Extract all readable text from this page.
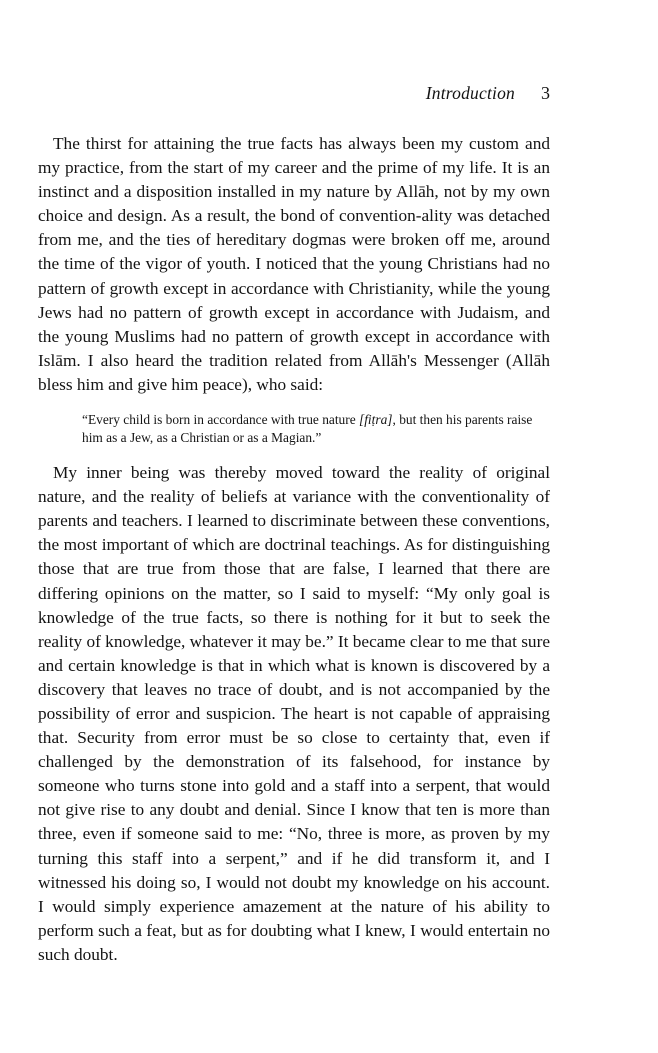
Introduction 3

The thirst for attaining the true facts has always been my custom and my practice, from the start of my career and the prime of my life. It is an instinct and a disposition installed in my nature by Allāh, not by my own choice and design. As a result, the bond of convention-ality was detached from me, and the ties of hereditary dogmas were broken off me, around the time of the vigor of youth. I noticed that the young Christians had no pattern of growth except in accordance with Christianity, while the young Jews had no pattern of growth except in accordance with Judaism, and the young Muslims had no pattern of growth except in accordance with Islām. I also heard the tradition related from Allāh's Messenger (Allāh bless him and give him peace), who said:

“Every child is born in accordance with true nature [fiṭra], but then his parents raise him as a Jew, as a Christian or as a Magian.”

My inner being was thereby moved toward the reality of original nature, and the reality of beliefs at variance with the conventionality of parents and teachers. I learned to discriminate between these conventions, the most important of which are doctrinal teachings. As for distinguishing those that are true from those that are false, I learned that there are differing opinions on the matter, so I said to myself: “My only goal is knowledge of the true facts, so there is nothing for it but to seek the reality of knowledge, whatever it may be.” It became clear to me that sure and certain knowledge is that in which what is known is discovered by a discovery that leaves no trace of doubt, and is not accompanied by the possibility of error and suspicion. The heart is not capable of appraising that. Security from error must be so close to certainty that, even if challenged by the demonstration of its falsehood, for instance by someone who turns stone into gold and a staff into a serpent, that would not give rise to any doubt and denial. Since I know that ten is more than three, even if someone said to me: “No, three is more, as proven by my turning this staff into a serpent,” and if he did transform it, and I witnessed his doing so, I would not doubt my knowledge on his account. I would simply experience amazement at the nature of his ability to perform such a feat, but as for doubting what I knew, I would entertain no such doubt.
